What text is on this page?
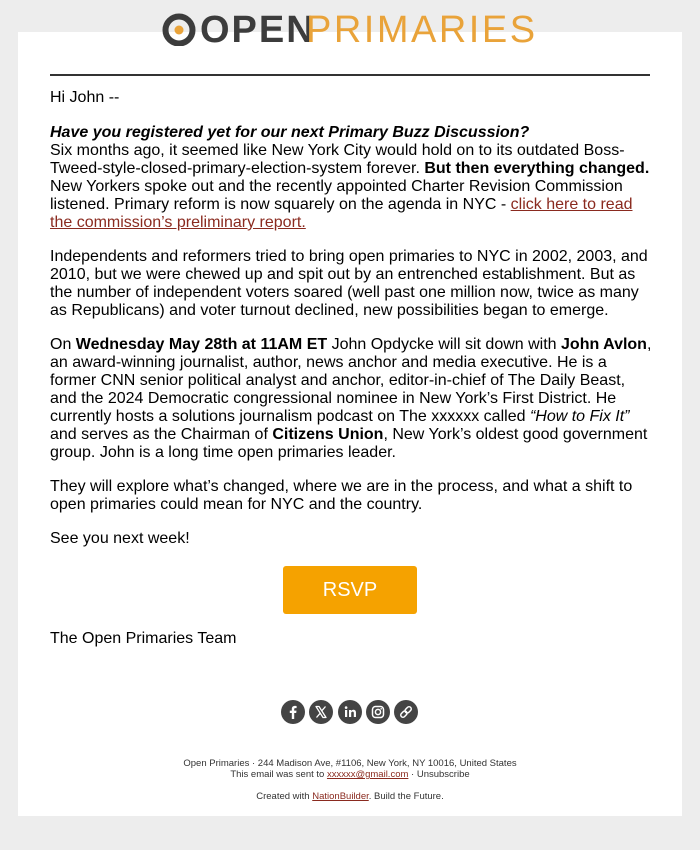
OPEN
PRIMARIES

Hi John --

Have you registered yet for our next Primary Buzz Discussion?
Six months ago, it seemed like New York City would hold on to its outdated Boss-Tweed-style-closed-primary-election-system forever. But then everything changed. New Yorkers spoke out and the recently appointed Charter Revision Commission listened. Primary reform is now squarely on the agenda in NYC - click here to read the commission’s preliminary report.

Independents and reformers tried to bring open primaries to NYC in 2002, 2003, and 2010, but we were chewed up and spit out by an entrenched establishment. But as the number of independent voters soared (well past one million now, twice as many as Republicans) and voter turnout declined, new possibilities began to emerge.

On Wednesday May 28th at 11AM ET John Opdycke will sit down with John Avlon, an award-winning journalist, author, news anchor and media executive. He is a former CNN senior political analyst and anchor, editor-in-chief of The Daily Beast, and the 2024 Democratic congressional nominee in New York’s First District. He currently hosts a solutions journalism podcast on The xxxxxx called “How to Fix It” and serves as the Chairman of Citizens Union, New York’s oldest good government group. John is a long time open primaries leader.

They will explore what’s changed, where we are in the process, and what a shift to open primaries could mean for NYC and the country.

See you next week!

RSVP
The Open Primaries Team
Open Primaries · 244 Madison Ave, #1106, New York, NY 10016, United States
This email was sent to xxxxxx@gmail.com · Unsubscribe
Created with NationBuilder. Build the Future.
